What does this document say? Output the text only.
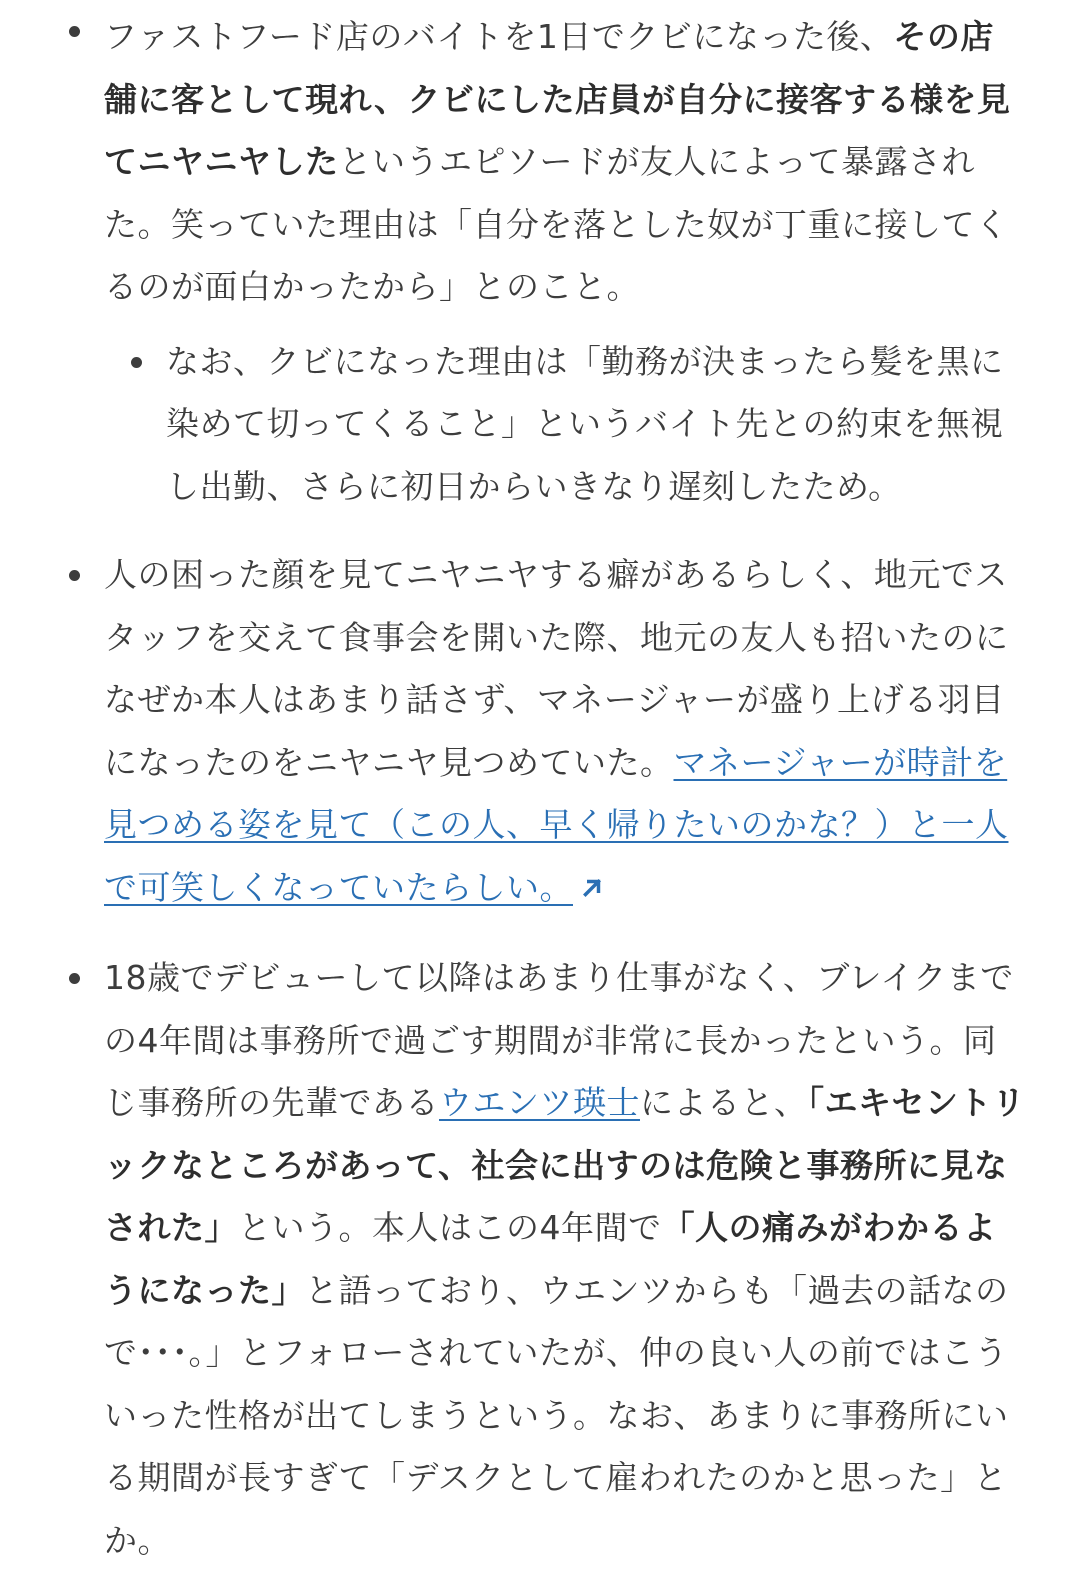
ファストフード店のバイトを1日でクビになった後、その店舗に客として現れ、クビにした店員が自分に接客する様を見てニヤニヤしたというエピソードが友人によって暴露された。笑っていた理由は「自分を落とした奴が丁重に接してくるのが面白かったから」とのこと。
なお、クビになった理由は「勤務が決まったら髪を黒に染めて切ってくること」というバイト先との約束を無視し出勤、さらに初日からいきなり遅刻したため。
人の困った顔を見てニヤニヤする癖があるらしく、地元でスタッフを交えて食事会を開いた際、地元の友人も招いたのになぜか本人はあまり話さず、マネージャーが盛り上げる羽目になったのをニヤニヤ見つめていた。マネージャーが時計を見つめる姿を見て（この人、早く帰りたいのかな？）と一人で可笑しくなっていたらしい。
18歳でデビューして以降はあまり仕事がなく、ブレイクまでの4年間は事務所で過ごす期間が非常に長かったという。同じ事務所の先輩であるウエンツ瑛士によると、「エキセントリックなところがあって、社会に出すのは危険と事務所に見なされた」という。本人はこの4年間で「人の痛みがわかるようになった」と語っており、ウエンツからも「過去の話なので･･･。」とフォローされていたが、仲の良い人の前ではこういった性格が出てしまうという。なお、あまりに事務所にいる期間が長すぎて「デスクとして雇われたのかと思った」とか。
